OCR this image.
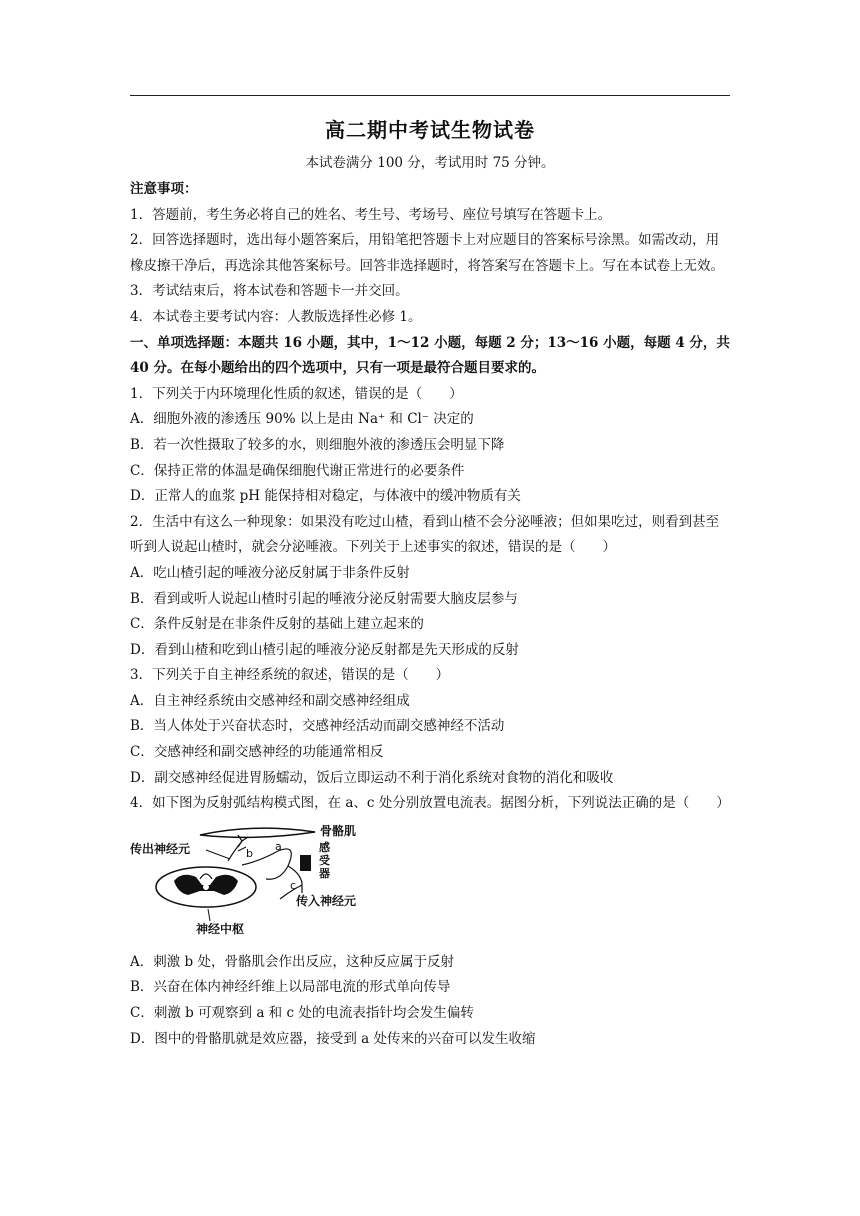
高二期中考试生物试卷
本试卷满分 100 分，考试用时 75 分钟。

注意事项：

1．答题前，考生务必将自己的姓名、考生号、考场号、座位号填写在答题卡上。

2．回答选择题时，选出每小题答案后，用铅笔把答题卡上对应题目的答案标号涂黑。如需改动，用橡皮擦干净后，再选涂其他答案标号。回答非选择题时，将答案写在答题卡上。写在本试卷上无效。

3．考试结束后，将本试卷和答题卡一并交回。

4．本试卷主要考试内容：人教版选择性必修 1。

一、单项选择题：本题共 16 小题，其中，1～12 小题，每题 2 分；13～16 小题，每题 4 分，共 40 分。在每小题给出的四个选项中，只有一项是最符合题目要求的。

1．下列关于内环境理化性质的叙述，错误的是（　　）

A．细胞外液的渗透压 90% 以上是由 Na⁺ 和 Cl⁻ 决定的

B．若一次性摄取了较多的水，则细胞外液的渗透压会明显下降

C．保持正常的体温是确保细胞代谢正常进行的必要条件

D．正常人的血浆 pH 能保持相对稳定，与体液中的缓冲物质有关

2．生活中有这么一种现象：如果没有吃过山楂，看到山楂不会分泌唾液；但如果吃过，则看到甚至听到人说起山楂时，就会分泌唾液。下列关于上述事实的叙述，错误的是（　　）

A．吃山楂引起的唾液分泌反射属于非条件反射

B．看到或听人说起山楂时引起的唾液分泌反射需要大脑皮层参与

C．条件反射是在非条件反射的基础上建立起来的

D．看到山楂和吃到山楂引起的唾液分泌反射都是先天形成的反射

3．下列关于自主神经系统的叙述，错误的是（　　）

A．自主神经系统由交感神经和副交感神经组成

B．当人体处于兴奋状态时，交感神经活动而副交感神经不活动

C．交感神经和副交感神经的功能通常相反

D．副交感神经促进胃肠蠕动，饭后立即运动不利于消化系统对食物的消化和吸收

4．如下图为反射弧结构模式图，在 a、c 处分别放置电流表。据图分析，下列说法正确的是（　　）

骨骼肌
传出神经元	b
a	感
受
器
c
传入神经元
神经中枢

A．刺激 b 处，骨骼肌会作出反应，这种反应属于反射

B．兴奋在体内神经纤维上以局部电流的形式单向传导

C．刺激 b 可观察到 a 和 c 处的电流表指针均会发生偏转

D．图中的骨骼肌就是效应器，接受到 a 处传来的兴奋可以发生收缩
